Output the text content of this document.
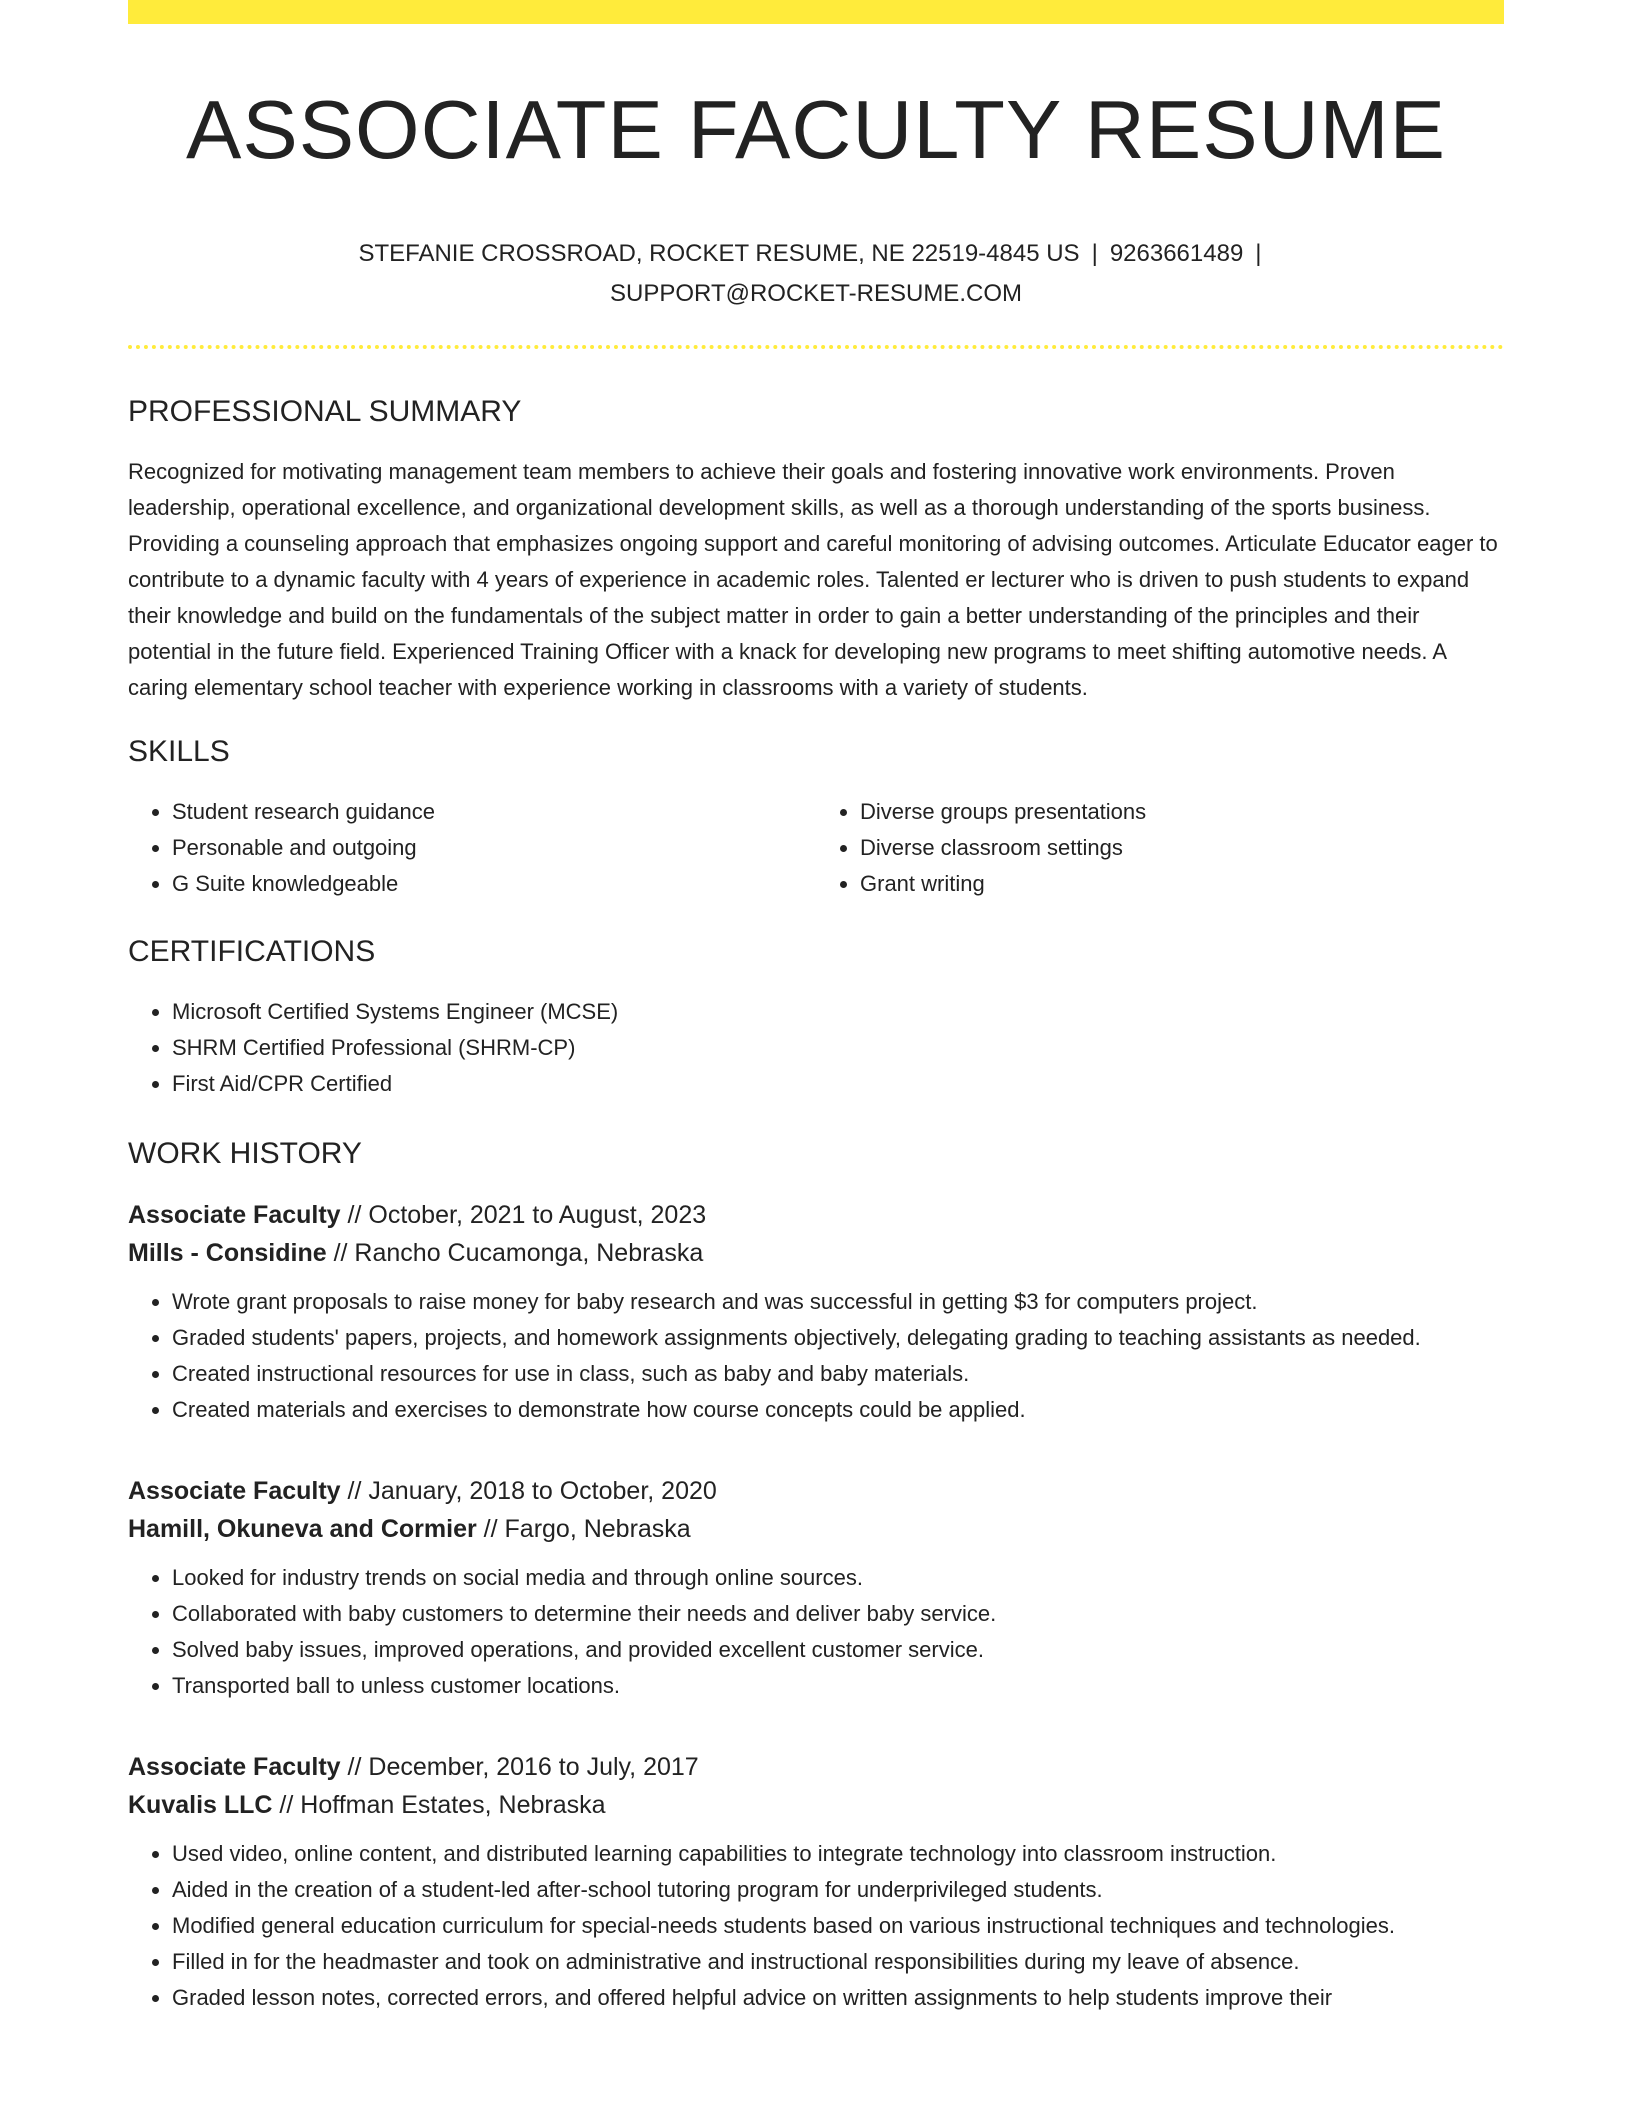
ASSOCIATE FACULTY RESUME
STEFANIE CROSSROAD, ROCKET RESUME, NE 22519-4845 US | 9263661489 |
SUPPORT@ROCKET-RESUME.COM
PROFESSIONAL SUMMARY

Recognized for motivating management team members to achieve their goals and fostering innovative work environments. Proven leadership, operational excellence, and organizational development skills, as well as a thorough understanding of the sports business. Providing a counseling approach that emphasizes ongoing support and careful monitoring of advising outcomes. Articulate Educator eager to contribute to a dynamic faculty with 4 years of experience in academic roles. Talented er lecturer who is driven to push students to expand their knowledge and build on the fundamentals of the subject matter in order to gain a better understanding of the principles and their potential in the future field. Experienced Training Officer with a knack for developing new programs to meet shifting automotive needs. A caring elementary school teacher with experience working in classrooms with a variety of students.

SKILLS
• Student research guidance
• Personable and outgoing
• G Suite knowledgeable
• Diverse groups presentations
• Diverse classroom settings
• Grant writing
CERTIFICATIONS
• Microsoft Certified Systems Engineer (MCSE)
• SHRM Certified Professional (SHRM-CP)
• First Aid/CPR Certified
WORK HISTORY
Associate Faculty // October, 2021 to August, 2023
Mills - Considine // Rancho Cucamonga, Nebraska
• Wrote grant proposals to raise money for baby research and was successful in getting $3 for computers project.
• Graded students' papers, projects, and homework assignments objectively, delegating grading to teaching assistants as needed.
• Created instructional resources for use in class, such as baby and baby materials.
• Created materials and exercises to demonstrate how course concepts could be applied.
Associate Faculty // January, 2018 to October, 2020
Hamill, Okuneva and Cormier // Fargo, Nebraska
• Looked for industry trends on social media and through online sources.
• Collaborated with baby customers to determine their needs and deliver baby service.
• Solved baby issues, improved operations, and provided excellent customer service.
• Transported ball to unless customer locations.
Associate Faculty // December, 2016 to July, 2017
Kuvalis LLC // Hoffman Estates, Nebraska
• Used video, online content, and distributed learning capabilities to integrate technology into classroom instruction.
• Aided in the creation of a student-led after-school tutoring program for underprivileged students.
• Modified general education curriculum for special-needs students based on various instructional techniques and technologies.
• Filled in for the headmaster and took on administrative and instructional responsibilities during my leave of absence.
• Graded lesson notes, corrected errors, and offered helpful advice on written assignments to help students improve their
